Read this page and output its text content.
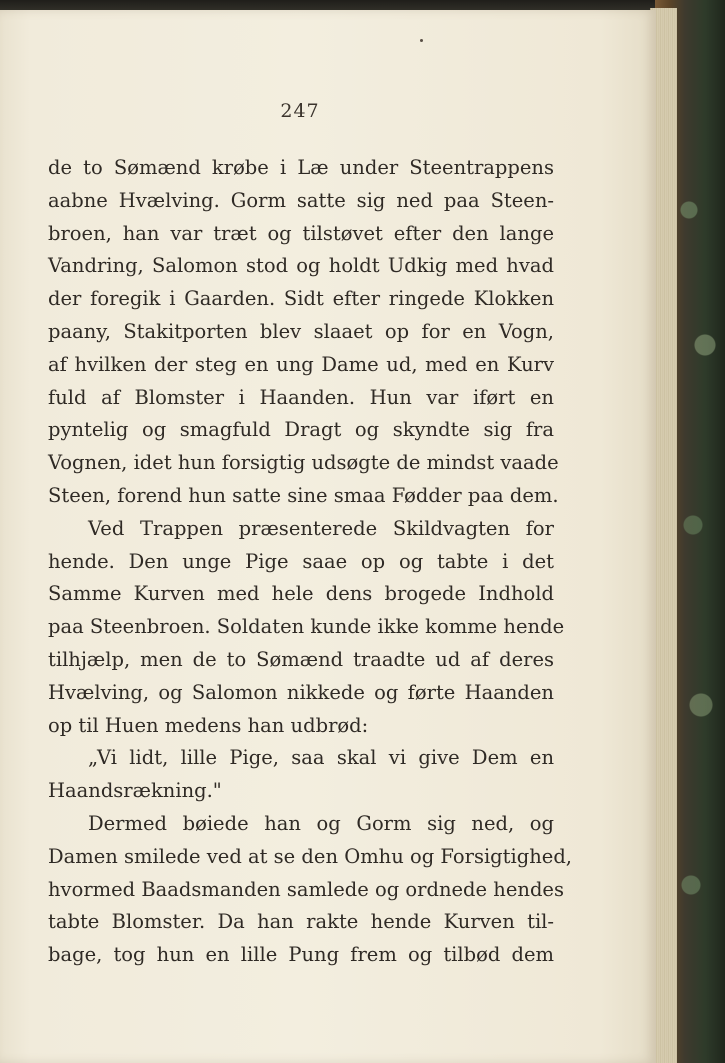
247
de to Sømænd krøbe i Læ under Steentrappens
aabne Hvælving. Gorm satte sig ned paa Steen-
broen, han var træt og tilstøvet efter den lange
Vandring, Salomon stod og holdt Udkig med hvad
der foregik i Gaarden. Sidt efter ringede Klokken
paany, Stakitporten blev slaaet op for en Vogn,
af hvilken der steg en ung Dame ud, med en Kurv
fuld af Blomster i Haanden. Hun var iført en
pyntelig og smagfuld Dragt og skyndte sig fra
Vognen, idet hun forsigtig udsøgte de mindst vaade
Steen, forend hun satte sine smaa Fødder paa dem.
Ved Trappen præsenterede Skildvagten for
hende. Den unge Pige saae op og tabte i det
Samme Kurven med hele dens brogede Indhold
paa Steenbroen. Soldaten kunde ikke komme hende
tilhjælp, men de to Sømænd traadte ud af deres
Hvælving, og Salomon nikkede og førte Haanden
op til Huen medens han udbrød:
„Vi lidt, lille Pige, saa skal vi give Dem en
Haandsrækning."
Dermed bøiede han og Gorm sig ned, og
Damen smilede ved at se den Omhu og Forsigtighed,
hvormed Baadsmanden samlede og ordnede hendes
tabte Blomster. Da han rakte hende Kurven til-
bage, tog hun en lille Pung frem og tilbød dem
